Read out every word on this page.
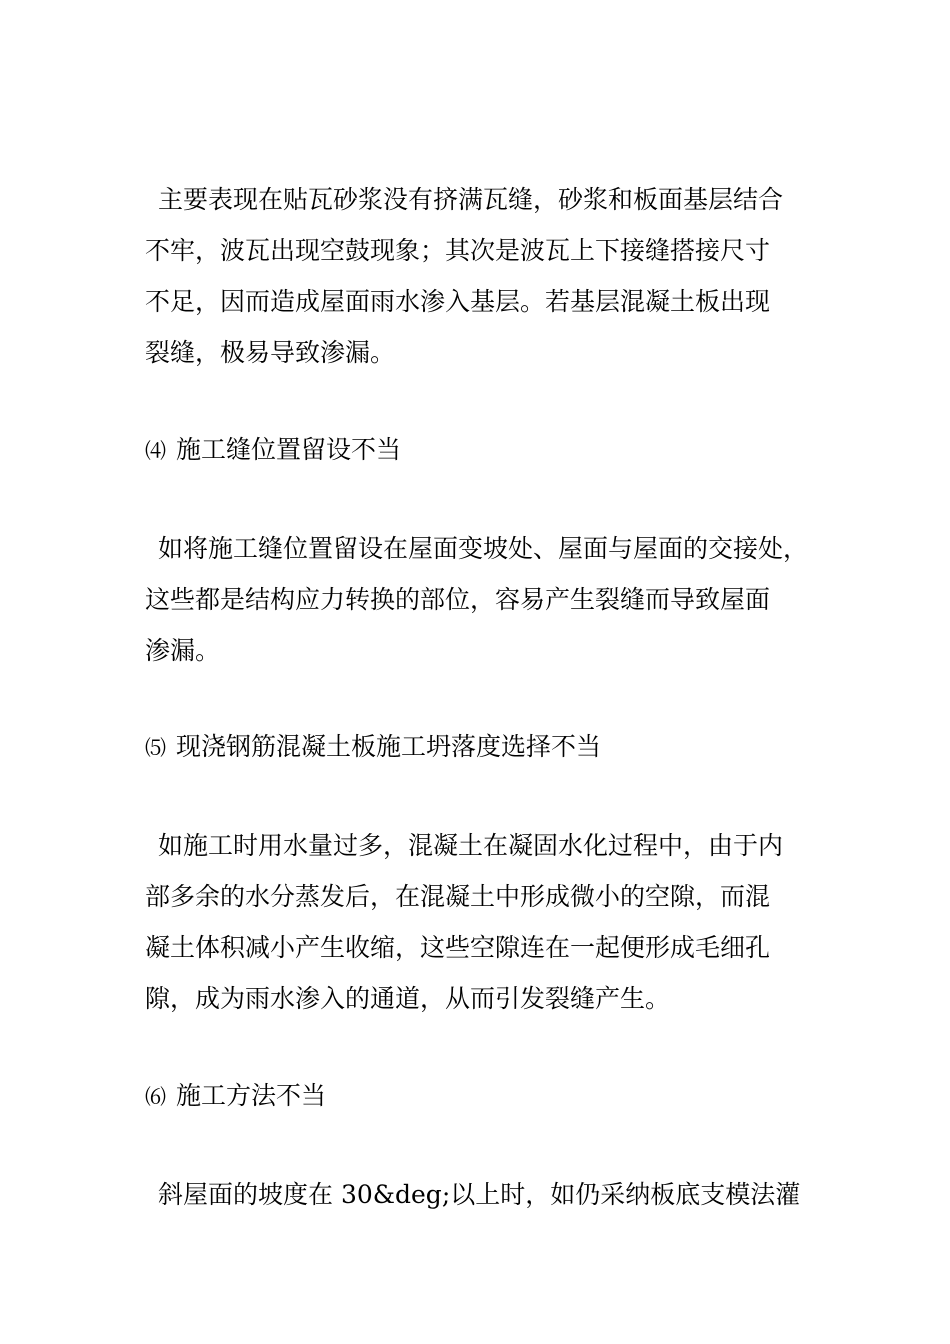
主要表现在贴瓦砂浆没有挤满瓦缝，砂浆和板面基层结合
不牢，波瓦出现空鼓现象；其次是波瓦上下接缝搭接尺寸
不足，因而造成屋面雨水渗入基层。若基层混凝土板出现
裂缝，极易导致渗漏。
⑷ 施工缝位置留设不当
如将施工缝位置留设在屋面变坡处、屋面与屋面的交接处，
这些都是结构应力转换的部位，容易产生裂缝而导致屋面
渗漏。
⑸ 现浇钢筋混凝土板施工坍落度选择不当
如施工时用水量过多，混凝土在凝固水化过程中，由于内
部多余的水分蒸发后，在混凝土中形成微小的空隙，而混
凝土体积减小产生收缩，这些空隙连在一起便形成毛细孔
隙，成为雨水渗入的通道，从而引发裂缝产生。
⑹ 施工方法不当
斜屋面的坡度在 30&deg;以上时，如仍采纳板底支模法灌
